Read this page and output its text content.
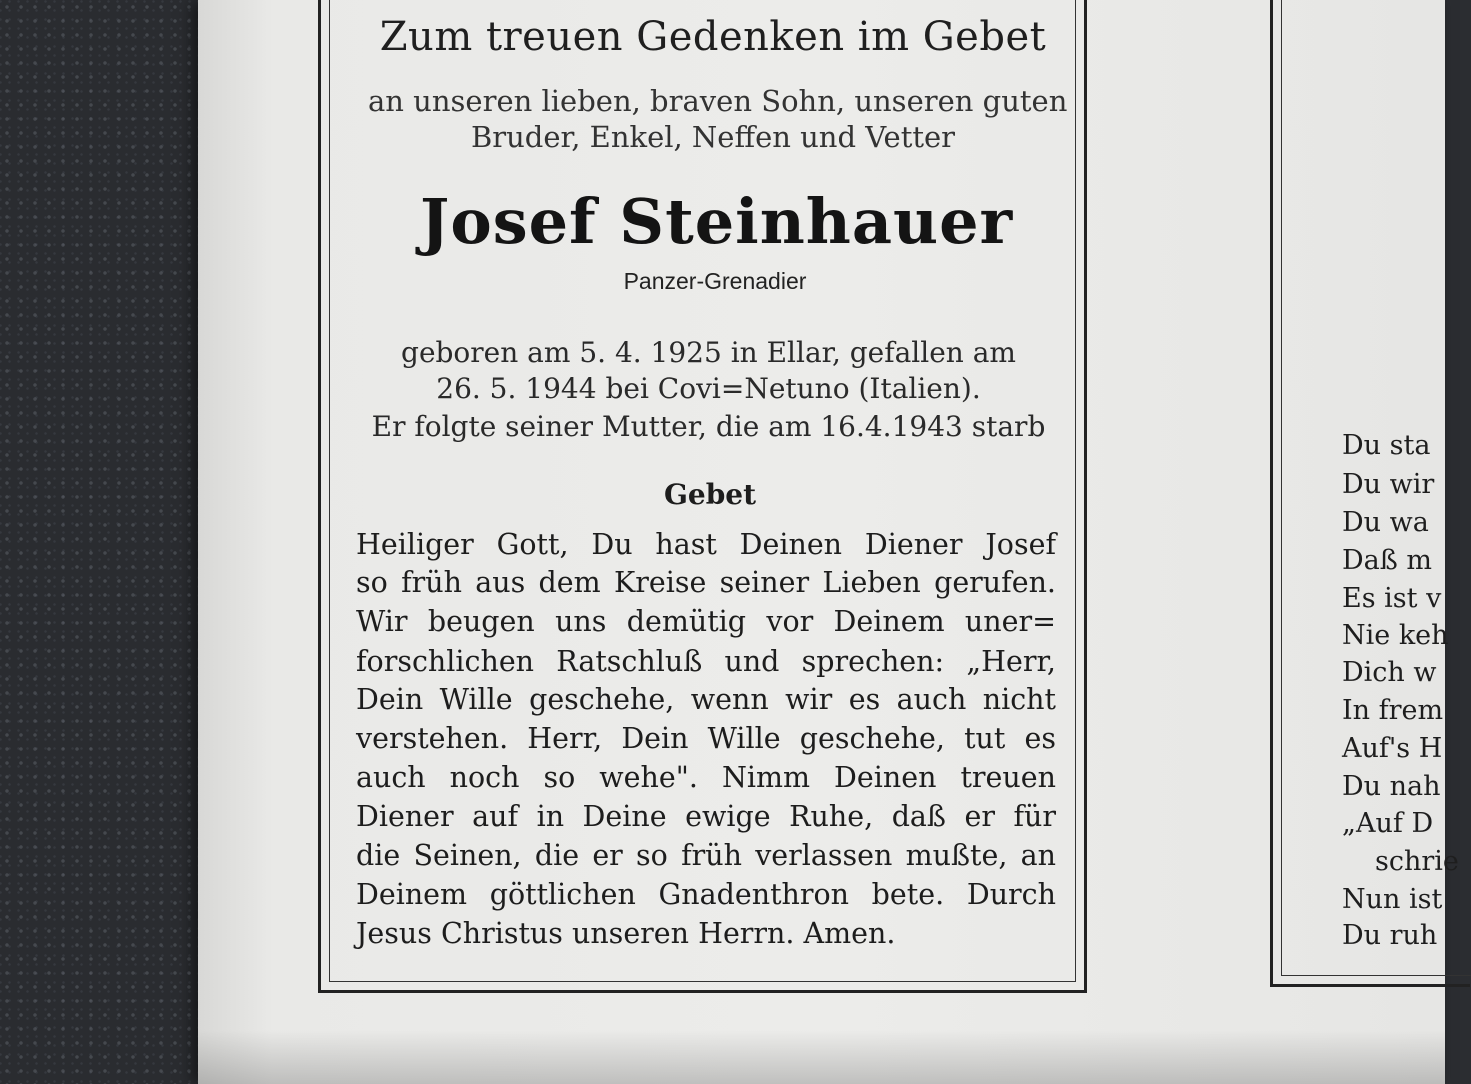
Zum treuen Gedenken im Gebet
an unseren lieben, braven Sohn, unseren guten
Bruder, Enkel, Neffen und Vetter
Josef Steinhauer
Panzer-Grenadier
geboren am 5. 4. 1925 in Ellar, gefallen am
26. 5. 1944 bei Covi=Netuno (Italien).
Er folgte seiner Mutter, die am 16.4.1943 starb
Gebet
Heiliger Gott, Du hast Deinen Diener Josef
so früh aus dem Kreise seiner Lieben gerufen.
Wir beugen uns demütig vor Deinem uner=
forschlichen Ratschluß und sprechen: „Herr,
Dein Wille geschehe, wenn wir es auch nicht
verstehen. Herr, Dein Wille geschehe, tut es
auch noch so wehe". Nimm Deinen treuen
Diener auf in Deine ewige Ruhe, daß er für
die Seinen, die er so früh verlassen mußte, an
Deinem göttlichen Gnadenthron bete. Durch
Jesus Christus unseren Herrn. Amen.
Du sta
Du wir
Du wa
Daß m
Es ist v
Nie keh
Dich w
In frem
Auf's H
Du nah
„Auf D
schrie
Nun ist
Du ruh
